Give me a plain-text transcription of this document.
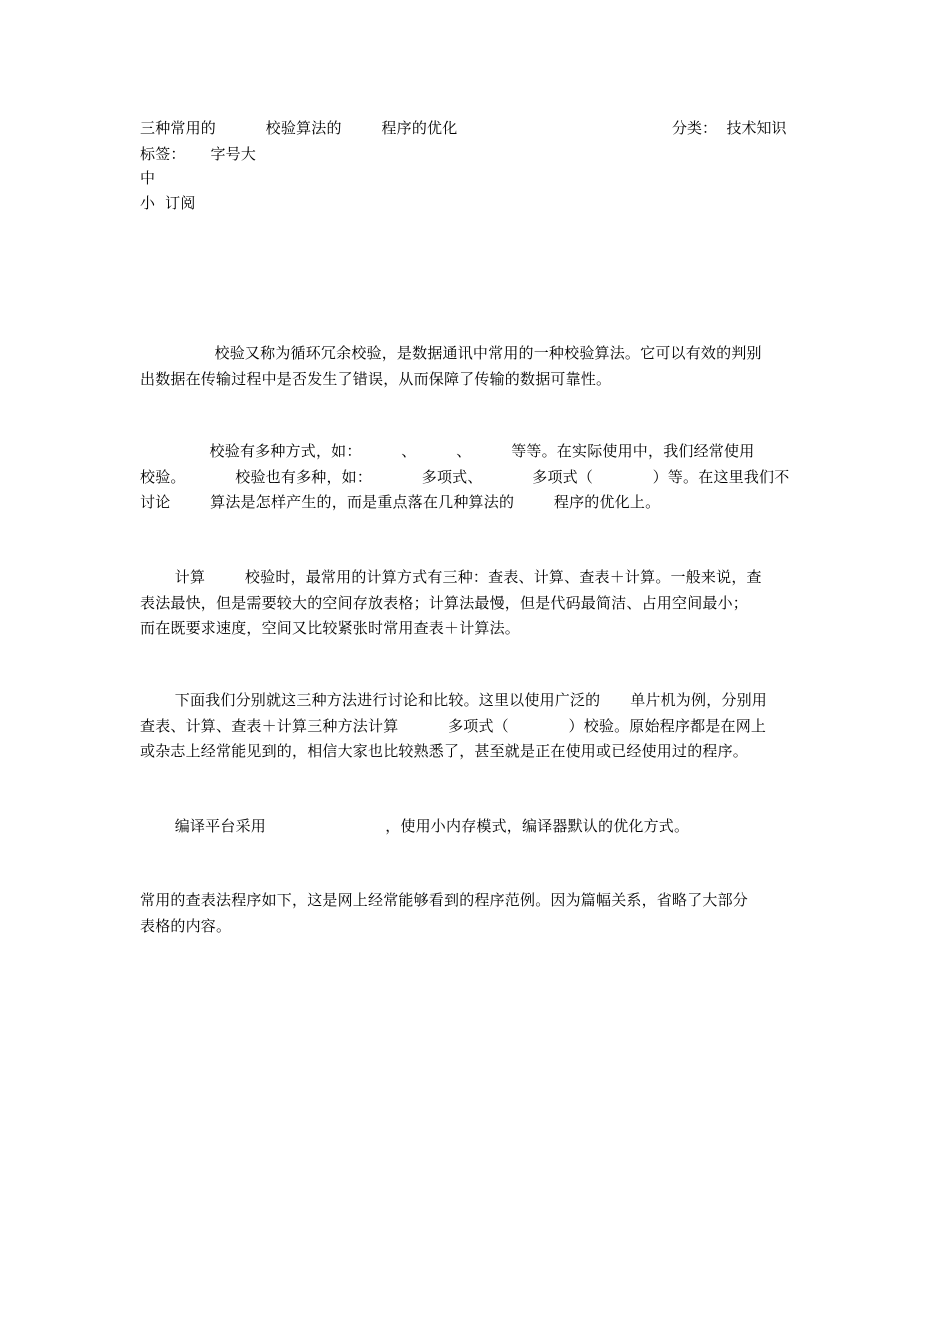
三种常用的          校验算法的        程序的优化	分类：  技术知识
标签：     字号大
中
小  订阅
校验又称为循环冗余校验，是数据通讯中常用的一种校验算法。它可以有效的判别
出数据在传输过程中是否发生了错误，从而保障了传输的数据可靠性。
校验有多种方式，如：        、        、        等等。在实际使用中，我们经常使用
校验。          校验也有多种，如：          多项式、          多项式（            ）等。在这里我们不
讨论        算法是怎样产生的，而是重点落在几种算法的        程序的优化上。
计算        校验时，最常用的计算方式有三种：查表、计算、查表＋计算。一般来说，查
表法最快，但是需要较大的空间存放表格；计算法最慢，但是代码最简洁、占用空间最小；
而在既要求速度，空间又比较紧张时常用查表＋计算法。
下面我们分别就这三种方法进行讨论和比较。这里以使用广泛的      单片机为例，分别用
查表、计算、查表＋计算三种方法计算          多项式（            ）校验。原始程序都是在网上
或杂志上经常能见到的，相信大家也比较熟悉了，甚至就是正在使用或已经使用过的程序。
编译平台采用                        ，使用小内存模式，编译器默认的优化方式。
常用的查表法程序如下，这是网上经常能够看到的程序范例。因为篇幅关系，省略了大部分
表格的内容。
